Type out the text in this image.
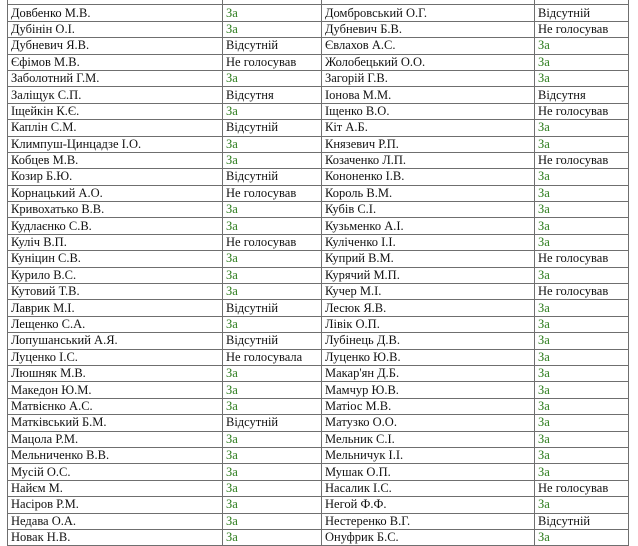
Довбенко М.В.	За	Домбровський О.Г.	Відсутній
Дубінін О.І.	За	Дубневич Б.В.	Не голосував
Дубневич Я.В.	Відсутній	Євлахов А.С.	За
Єфімов М.В.	Не голосував	Жолобецький О.О.	За
Заболотний Г.М.	За	Загорій Г.В.	За
Заліщук С.П.	Відсутня	Іонова М.М.	Відсутня
Іщейкін К.Є.	За	Іщенко В.О.	Не голосував
Каплін С.М.	Відсутній	Кіт А.Б.	За
Климпуш-Цинцадзе І.О.	За	Князевич Р.П.	За
Кобцев М.В.	За	Козаченко Л.П.	Не голосував
Козир Б.Ю.	Відсутній	Кононенко І.В.	За
Корнацький А.О.	Не голосував	Король В.М.	За
Кривохатько В.В.	За	Кубів С.І.	За
Кудлаєнко С.В.	За	Кузьменко А.І.	За
Куліч В.П.	Не голосував	Куліченко І.І.	За
Куніцин С.В.	За	Куприй В.М.	Не голосував
Курило В.С.	За	Курячий М.П.	За
Кутовий Т.В.	За	Кучер М.І.	Не голосував
Лаврик М.І.	Відсутній	Лесюк Я.В.	За
Лещенко С.А.	За	Лівік О.П.	За
Лопушанський А.Я.	Відсутній	Лубінець Д.В.	За
Луценко І.С.	Не голосувала	Луценко Ю.В.	За
Люшняк М.В.	За	Макар'ян Д.Б.	За
Македон Ю.М.	За	Мамчур Ю.В.	За
Матвієнко А.С.	За	Матіос М.В.	За
Матківський Б.М.	Відсутній	Матузко О.О.	За
Мацола Р.М.	За	Мельник С.І.	За
Мельниченко В.В.	За	Мельничук І.І.	За
Мусій О.С.	За	Мушак О.П.	За
Найєм М.	За	Насалик І.С.	Не голосував
Насіров Р.М.	За	Негой Ф.Ф.	За
Недава О.А.	За	Нестеренко В.Г.	Відсутній
Новак Н.В.	За	Онуфрик Б.С.	За
